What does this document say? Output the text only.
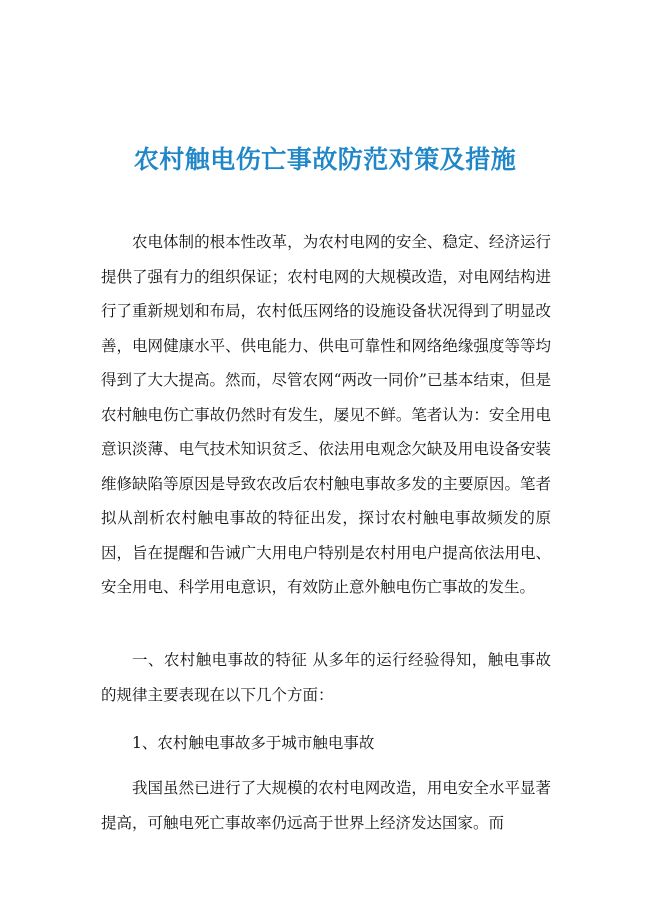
农村触电伤亡事故防范对策及措施
农电体制的根本性改革，为农村电网的安全、稳定、经济运行提供了强有力的组织保证；农村电网的大规模改造，对电网结构进行了重新规划和布局，农村低压网络的设施设备状况得到了明显改善，电网健康水平、供电能力、供电可靠性和网络绝缘强度等等均得到了大大提高。然而，尽管农网“两改一同价”已基本结束，但是农村触电伤亡事故仍然时有发生，屡见不鲜。笔者认为：安全用电意识淡薄、电气技术知识贫乏、依法用电观念欠缺及用电设备安装维修缺陷等原因是导致农改后农村触电事故多发的主要原因。笔者拟从剖析农村触电事故的特征出发，探讨农村触电事故频发的原因，旨在提醒和告诫广大用电户特别是农村用电户提高依法用电、安全用电、科学用电意识，有效防止意外触电伤亡事故的发生。
一、农村触电事故的特征 从多年的运行经验得知，触电事故的规律主要表现在以下几个方面：
1、农村触电事故多于城市触电事故
我国虽然已进行了大规模的农村电网改造，用电安全水平显著提高，可触电死亡事故率仍远高于世界上经济发达国家。而
